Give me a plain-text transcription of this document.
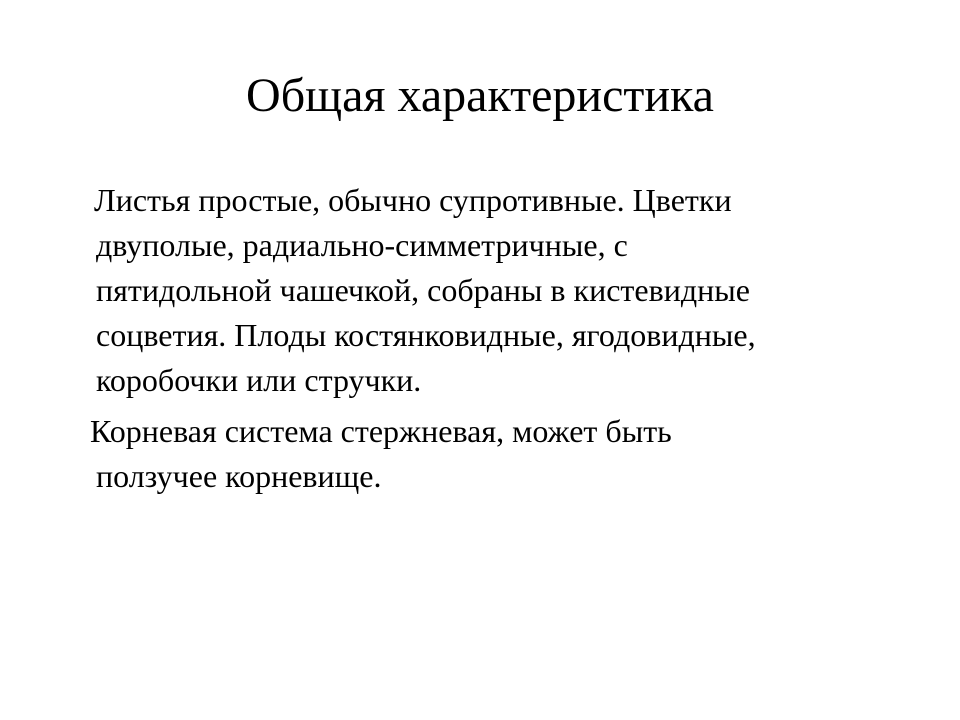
Общая характеристика

Листья простые, обычно супротивные. Цветки
двуполые, радиально-симметричные, с
пятидольной чашечкой, собраны в кистевидные
соцветия. Плоды костянковидные, ягодовидные,
коробочки или стручки.

Корневая система стержневая, может быть
ползучее корневище.
